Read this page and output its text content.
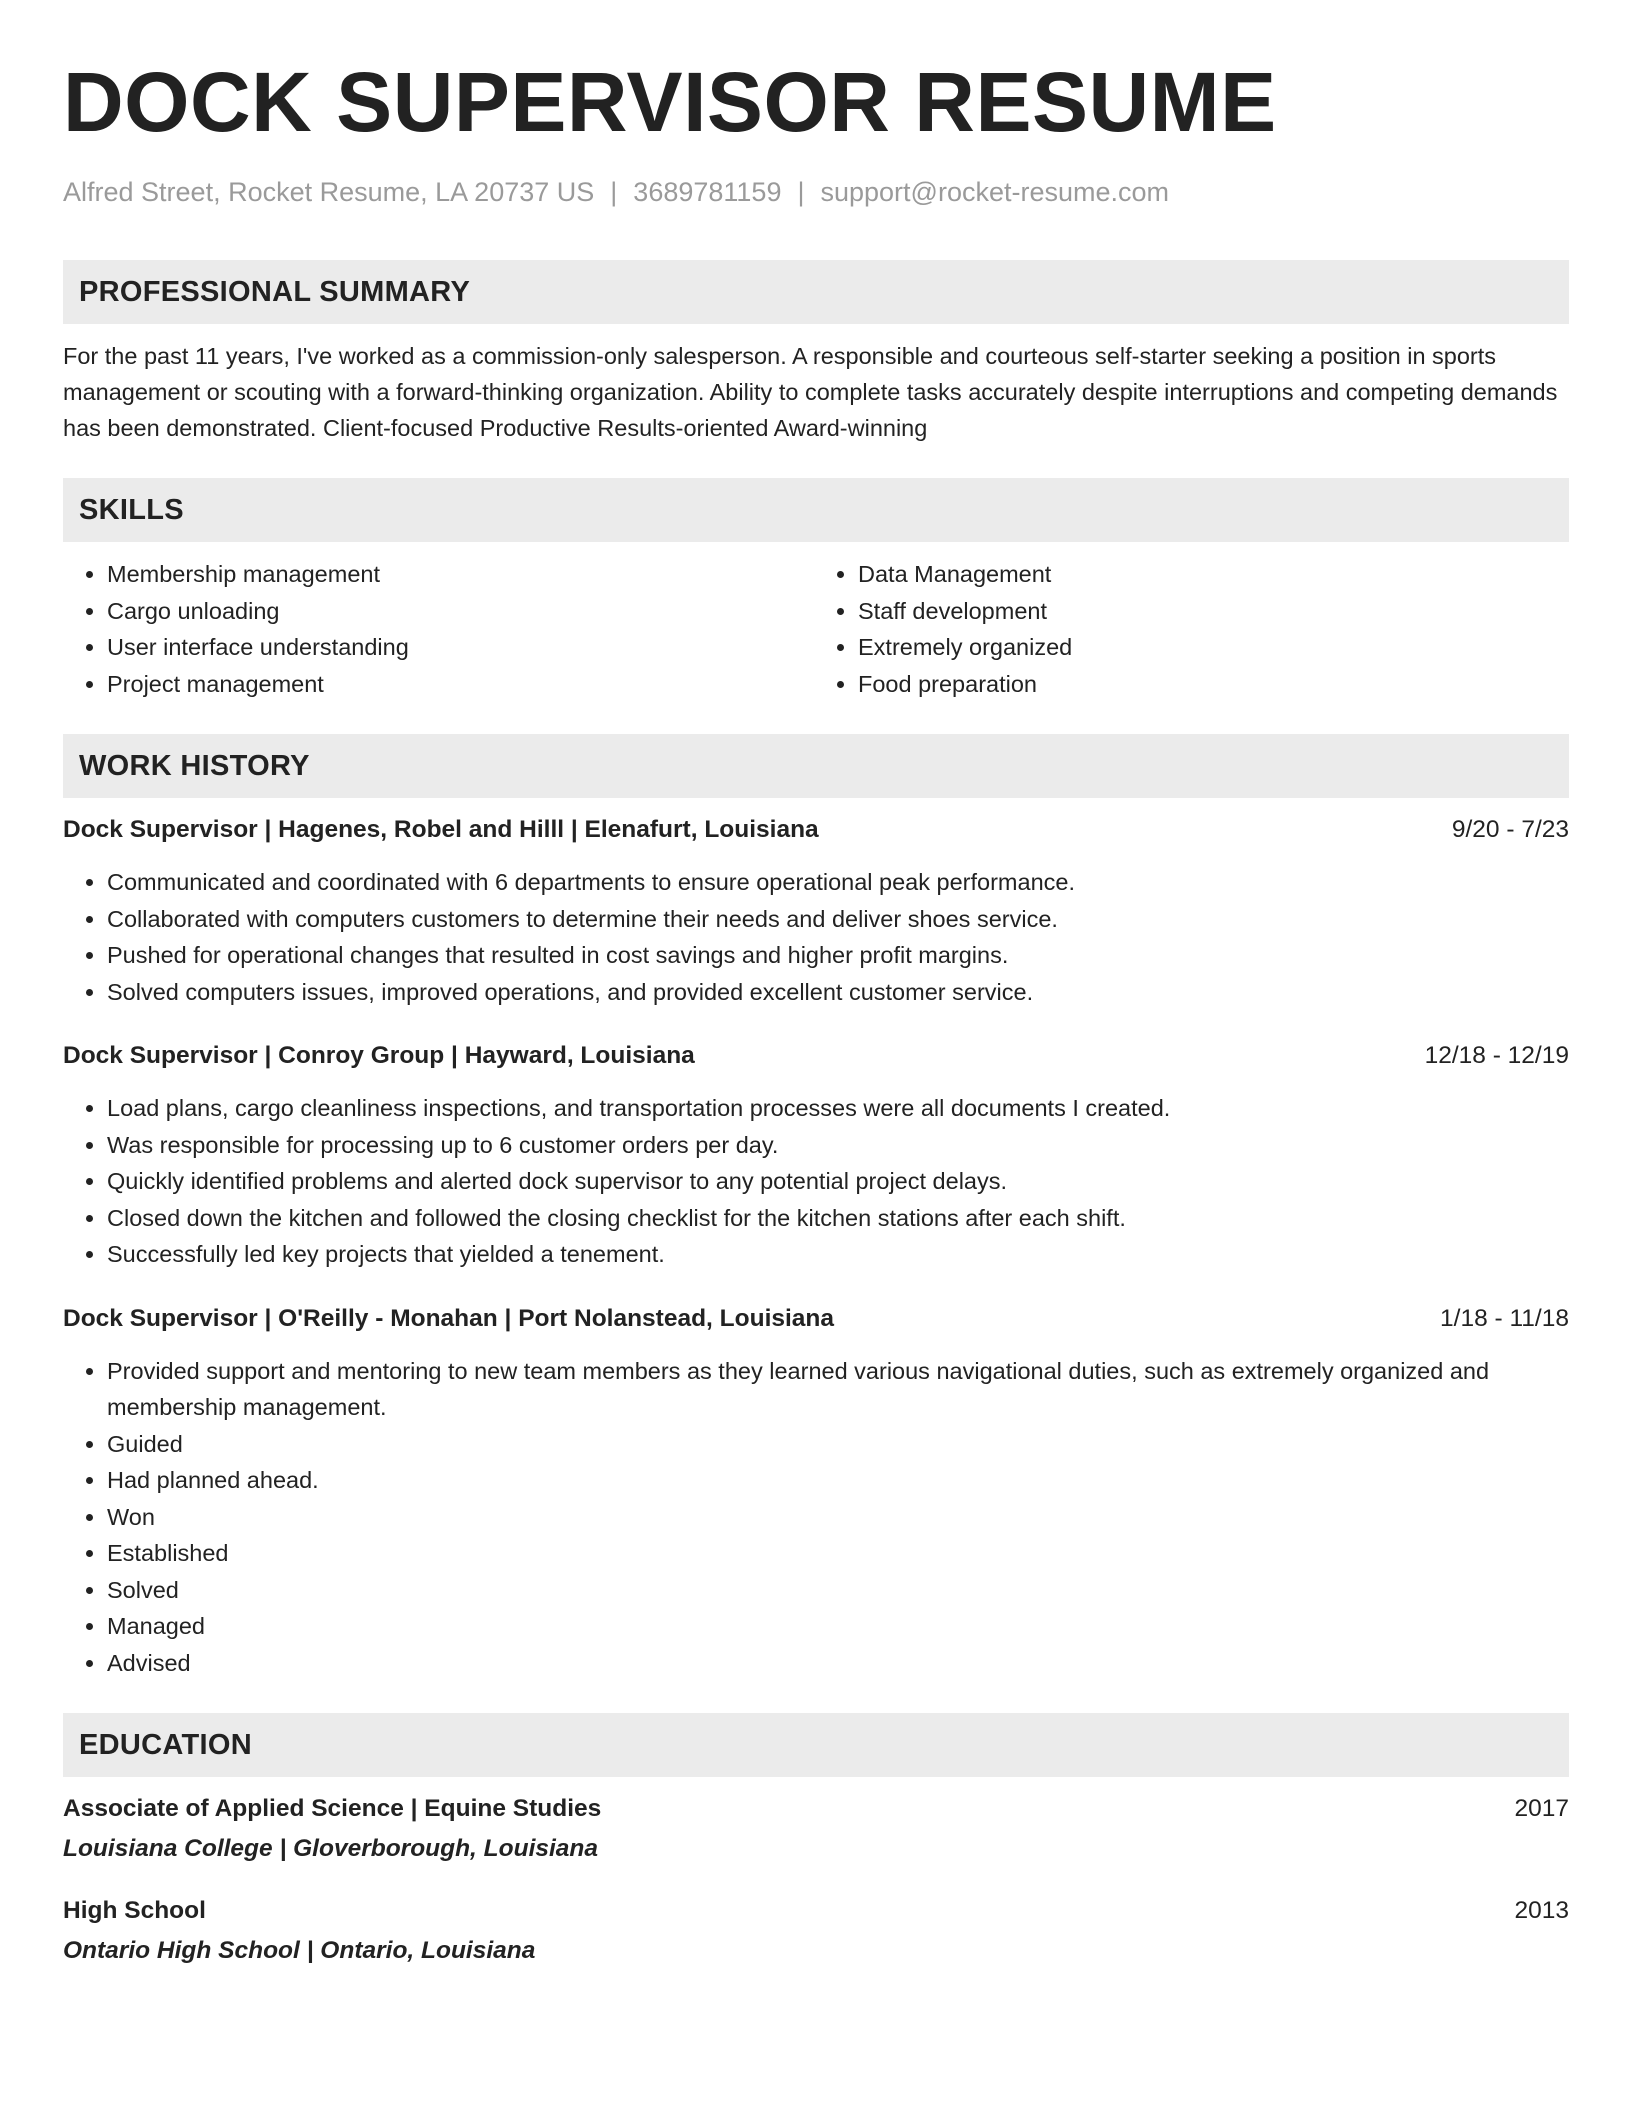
DOCK SUPERVISOR RESUME
Alfred Street, Rocket Resume, LA 20737 US | 3689781159 | support@rocket-resume.com
PROFESSIONAL SUMMARY

For the past 11 years, I've worked as a commission-only salesperson. A responsible and courteous self-starter seeking a position in sports management or scouting with a forward-thinking organization. Ability to complete tasks accurately despite interruptions and competing demands has been demonstrated. Client-focused Productive Results-oriented Award-winning

SKILLS
• Membership management
• Cargo unloading
• User interface understanding
• Project management
• Data Management
• Staff development
• Extremely organized
• Food preparation
WORK HISTORY
Dock Supervisor | Hagenes, Robel and Hilll | Elenafurt, Louisiana	9/20 - 7/23
• Communicated and coordinated with 6 departments to ensure operational peak performance.
• Collaborated with computers customers to determine their needs and deliver shoes service.
• Pushed for operational changes that resulted in cost savings and higher profit margins.
• Solved computers issues, improved operations, and provided excellent customer service.
Dock Supervisor | Conroy Group | Hayward, Louisiana	12/18 - 12/19
• Load plans, cargo cleanliness inspections, and transportation processes were all documents I created.
• Was responsible for processing up to 6 customer orders per day.
• Quickly identified problems and alerted dock supervisor to any potential project delays.
• Closed down the kitchen and followed the closing checklist for the kitchen stations after each shift.
• Successfully led key projects that yielded a tenement.
Dock Supervisor | O'Reilly - Monahan | Port Nolanstead, Louisiana	1/18 - 11/18
• Provided support and mentoring to new team members as they learned various navigational duties, such as extremely organized and membership management.
• Guided
• Had planned ahead.
• Won
• Established
• Solved
• Managed
• Advised
EDUCATION
Associate of Applied Science | Equine Studies	2017
Louisiana College | Gloverborough, Louisiana
High School	2013
Ontario High School | Ontario, Louisiana
